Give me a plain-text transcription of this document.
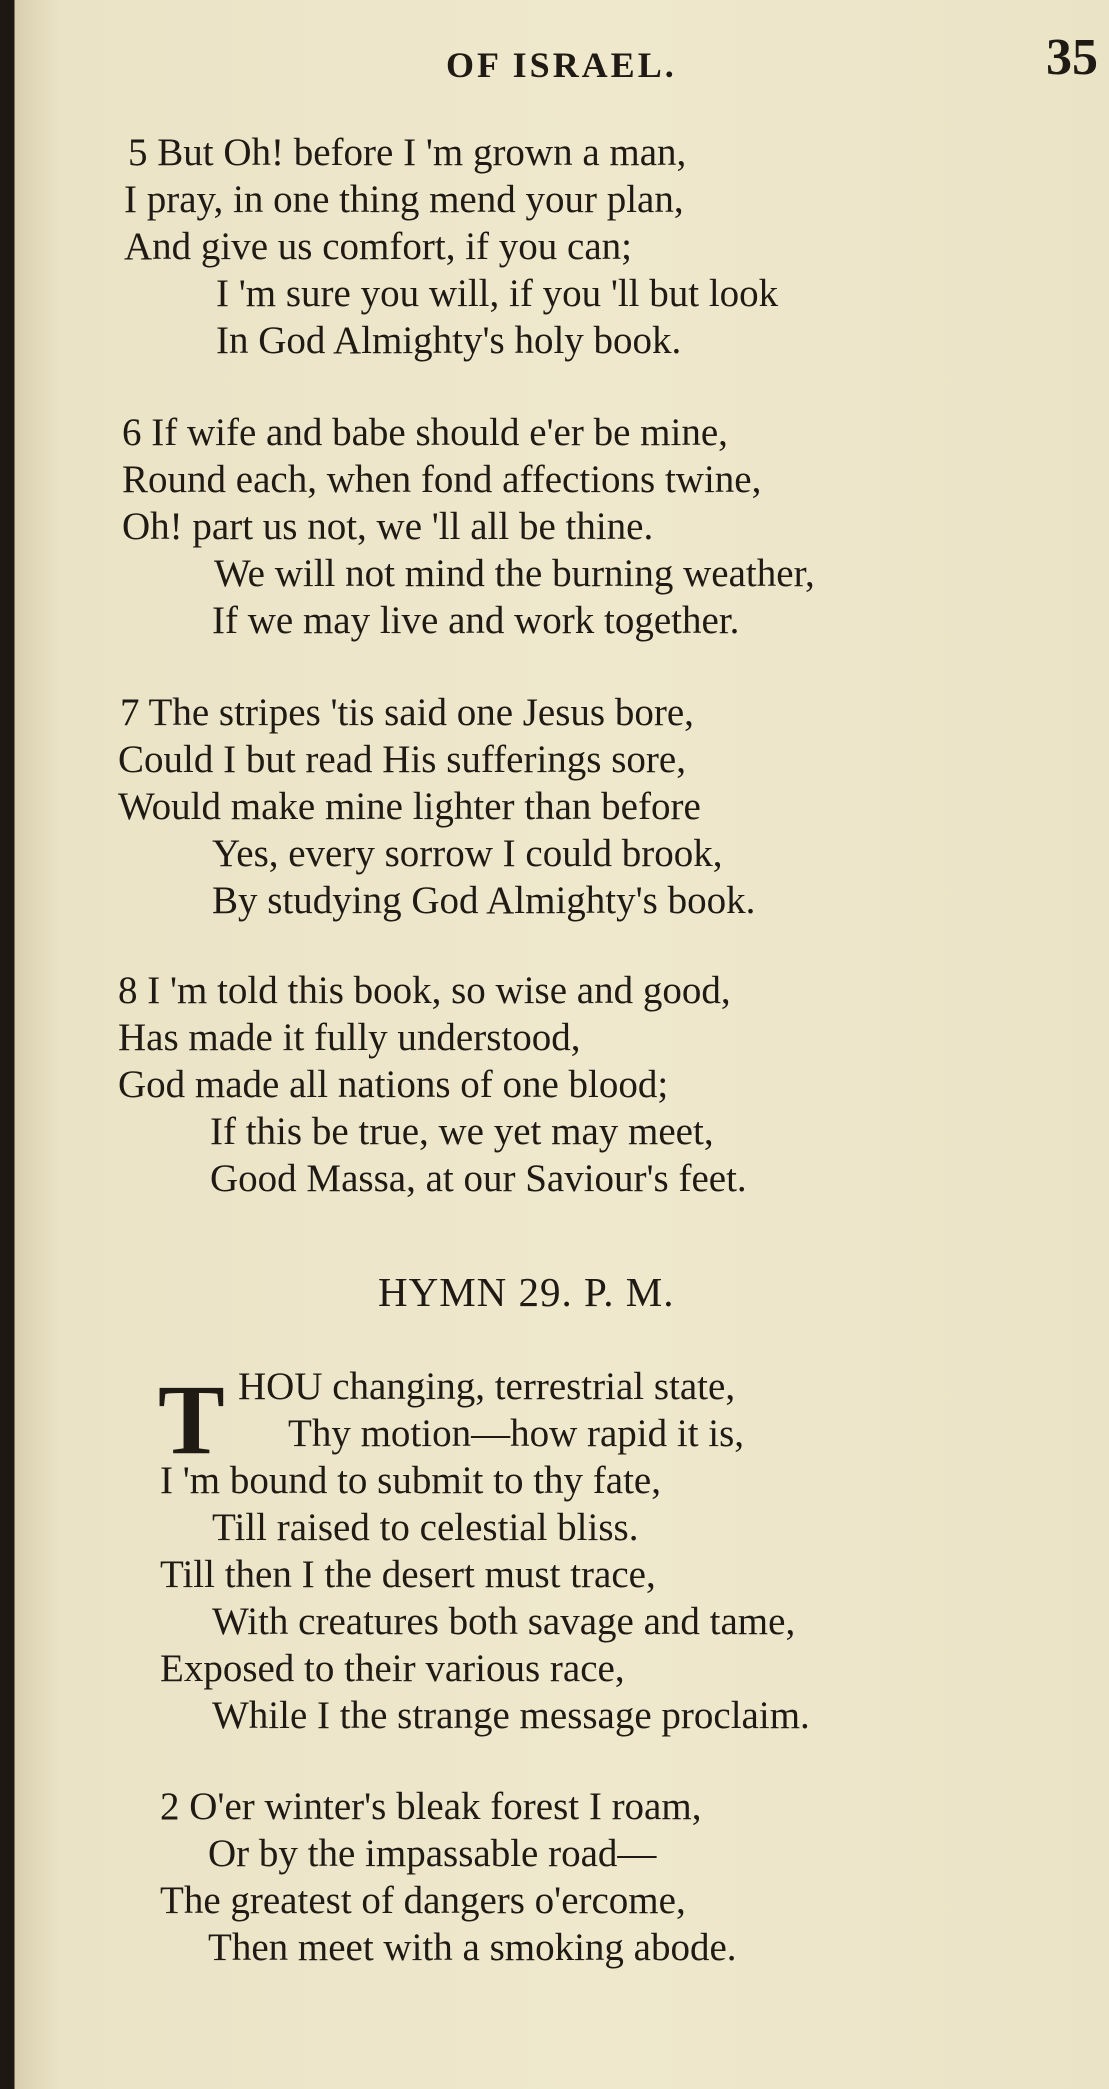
OF ISRAEL.	35
5 But Oh! before I 'm grown a man,
I pray, in one thing mend your plan,
And give us comfort, if you can;
I 'm sure you will, if you 'll but look
In God Almighty's holy book.
6 If wife and babe should e'er be mine,
Round each, when fond affections twine,
Oh! part us not, we 'll all be thine.
We will not mind the burning weather,
If we may live and work together.
7 The stripes 'tis said one Jesus bore,
Could I but read His sufferings sore,
Would make mine lighter than before
Yes, every sorrow I could brook,
By studying God Almighty's book.
8 I 'm told this book, so wise and good,
Has made it fully understood,
God made all nations of one blood;
If this be true, we yet may meet,
Good Massa, at our Saviour's feet.
HYMN 29. P. M.
T HOU changing, terrestrial state,
Thy motion—how rapid it is,
I 'm bound to submit to thy fate,
Till raised to celestial bliss.
Till then I the desert must trace,
With creatures both savage and tame,
Exposed to their various race,
While I the strange message proclaim.
2 O'er winter's bleak forest I roam,
Or by the impassable road—
The greatest of dangers o'ercome,
Then meet with a smoking abode.
